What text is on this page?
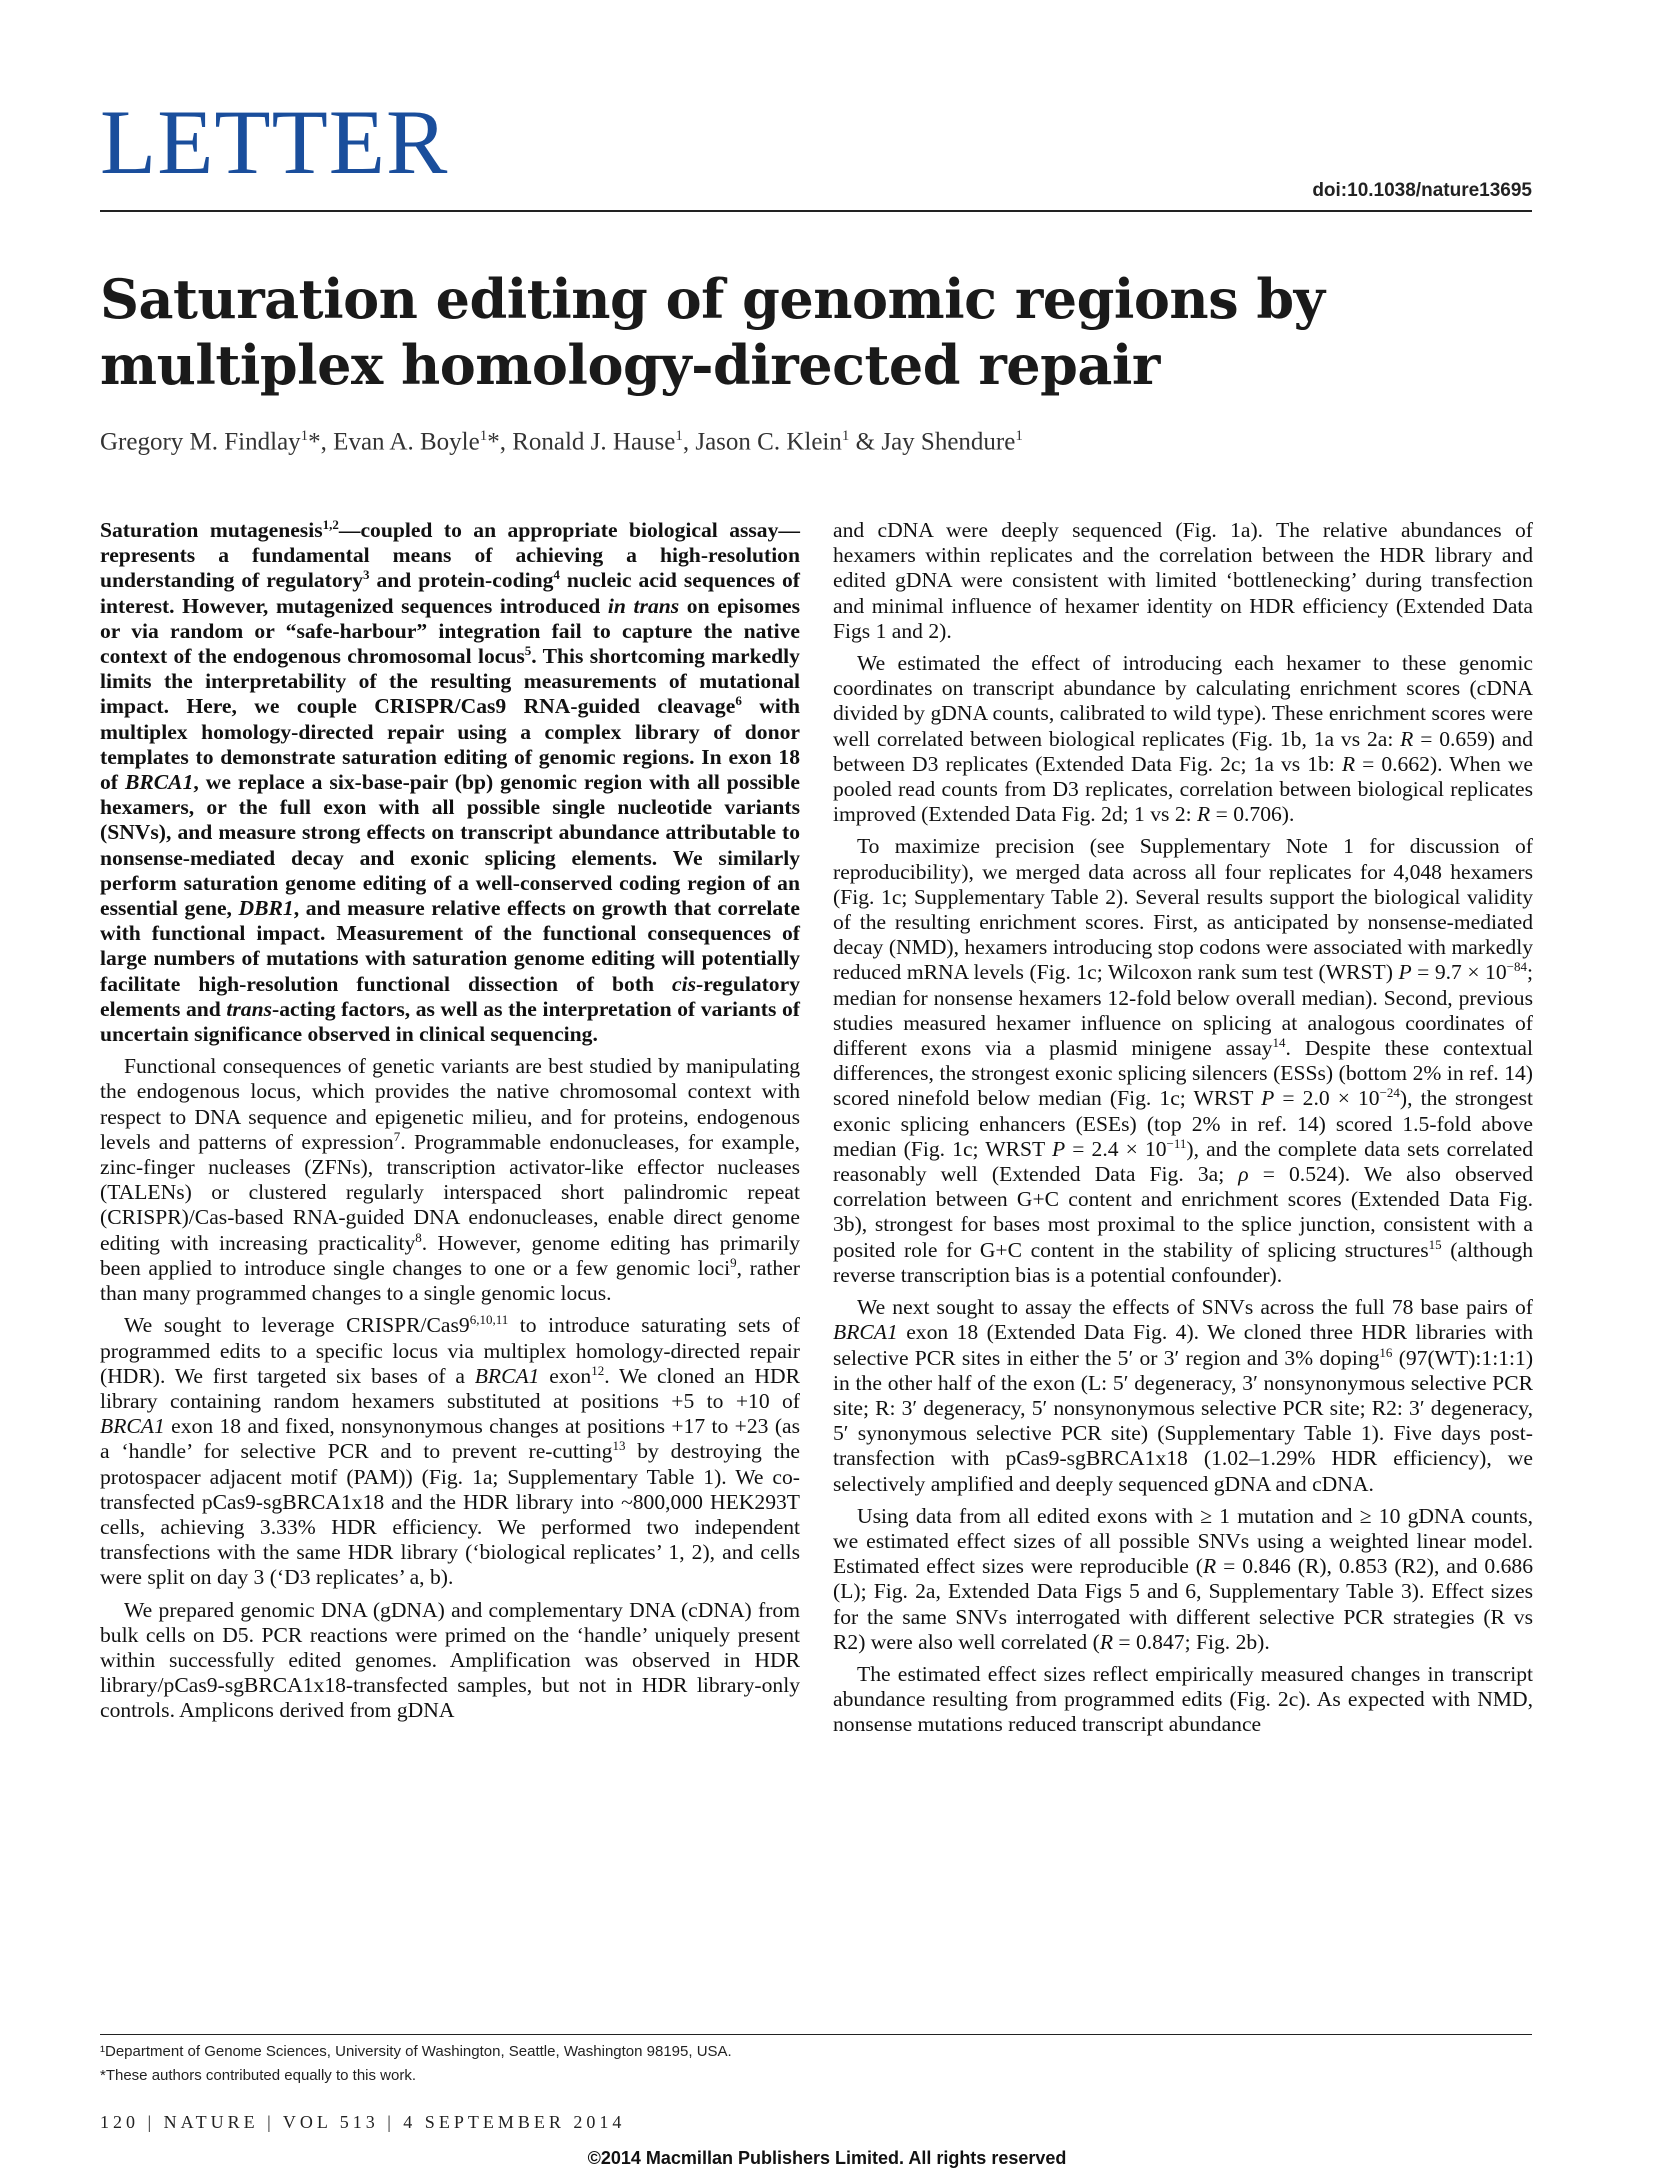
LETTER	doi:10.1038/nature13695
Saturation editing of genomic regions by multiplex homology-directed repair
Gregory M. Findlay$^1$*, Evan A. Boyle$^1$*, Ronald J. Hause$^1$, Jason C. Klein$^1$ & Jay Shendure$^1$

Saturation mutagenesis$^{1,2}$—coupled to an appropriate biological assay—represents a fundamental means of achieving a high-resolution understanding of regulatory$^3$ and protein-coding$^4$ nucleic acid sequences of interest. However, mutagenized sequences introduced in trans on episomes or via random or “safe-harbour” integration fail to capture the native context of the endogenous chromosomal locus$^5$. This shortcoming markedly limits the interpretability of the resulting measurements of mutational impact. Here, we couple CRISPR/Cas9 RNA-guided cleavage$^6$ with multiplex homology-directed repair using a complex library of donor templates to demonstrate saturation editing of genomic regions. In exon 18 of BRCA1, we replace a six-base-pair (bp) genomic region with all possible hexamers, or the full exon with all possible single nucleotide variants (SNVs), and measure strong effects on transcript abundance attributable to nonsense-mediated decay and exonic splicing elements. We similarly perform saturation genome editing of a well-conserved coding region of an essential gene, DBR1, and measure relative effects on growth that correlate with functional impact. Measurement of the functional consequences of large numbers of mutations with saturation genome editing will potentially facilitate high-resolution functional dissection of both cis-regulatory elements and trans-acting factors, as well as the interpretation of variants of uncertain significance observed in clinical sequencing.

Functional consequences of genetic variants are best studied by manipulating the endogenous locus, which provides the native chromosomal context with respect to DNA sequence and epigenetic milieu, and for proteins, endogenous levels and patterns of expression$^7$. Programmable endonucleases, for example, zinc-finger nucleases (ZFNs), transcription activator-like effector nucleases (TALENs) or clustered regularly interspaced short palindromic repeat (CRISPR)/Cas-based RNA-guided DNA endonucleases, enable direct genome editing with increasing practicality$^8$. However, genome editing has primarily been applied to introduce single changes to one or a few genomic loci$^9$, rather than many programmed changes to a single genomic locus.

We sought to leverage CRISPR/Cas9$^{6,10,11}$ to introduce saturating sets of programmed edits to a specific locus via multiplex homology-directed repair (HDR). We first targeted six bases of a BRCA1 exon$^{12}$. We cloned an HDR library containing random hexamers substituted at positions +5 to +10 of BRCA1 exon 18 and fixed, nonsynonymous changes at positions +17 to +23 (as a ‘handle’ for selective PCR and to prevent re-cutting$^{13}$ by destroying the protospacer adjacent motif (PAM)) (Fig. 1a; Supplementary Table 1). We co-transfected pCas9-sgBRCA1x18 and the HDR library into ~800,000 HEK293T cells, achieving 3.33% HDR efficiency. We performed two independent transfections with the same HDR library (‘biological replicates’ 1, 2), and cells were split on day 3 (‘D3 replicates’ a, b).

We prepared genomic DNA (gDNA) and complementary DNA (cDNA) from bulk cells on D5. PCR reactions were primed on the ‘handle’ uniquely present within successfully edited genomes. Amplification was observed in HDR library/pCas9-sgBRCA1x18-transfected samples, but not in HDR library-only controls. Amplicons derived from gDNA

and cDNA were deeply sequenced (Fig. 1a). The relative abundances of hexamers within replicates and the correlation between the HDR library and edited gDNA were consistent with limited ‘bottlenecking’ during transfection and minimal influence of hexamer identity on HDR efficiency (Extended Data Figs 1 and 2).

We estimated the effect of introducing each hexamer to these genomic coordinates on transcript abundance by calculating enrichment scores (cDNA divided by gDNA counts, calibrated to wild type). These enrichment scores were well correlated between biological replicates (Fig. 1b, 1a vs 2a: R = 0.659) and between D3 replicates (Extended Data Fig. 2c; 1a vs 1b: R = 0.662). When we pooled read counts from D3 replicates, correlation between biological replicates improved (Extended Data Fig. 2d; 1 vs 2: R = 0.706).

To maximize precision (see Supplementary Note 1 for discussion of reproducibility), we merged data across all four replicates for 4,048 hexamers (Fig. 1c; Supplementary Table 2). Several results support the biological validity of the resulting enrichment scores. First, as anticipated by nonsense-mediated decay (NMD), hexamers introducing stop codons were associated with markedly reduced mRNA levels (Fig. 1c; Wilcoxon rank sum test (WRST) $P = 9.7 \times 10^{-84}$; median for nonsense hexamers 12-fold below overall median). Second, previous studies measured hexamer influence on splicing at analogous coordinates of different exons via a plasmid minigene assay$^{14}$. Despite these contextual differences, the strongest exonic splicing silencers (ESSs) (bottom 2% in ref. 14) scored ninefold below median (Fig. 1c; WRST $P = 2.0 \times 10^{-24}$), the strongest exonic splicing enhancers (ESEs) (top 2% in ref. 14) scored 1.5-fold above median (Fig. 1c; WRST $P = 2.4 \times 10^{-11}$), and the complete data sets correlated reasonably well (Extended Data Fig. 3a; ρ = 0.524). We also observed correlation between G+C content and enrichment scores (Extended Data Fig. 3b), strongest for bases most proximal to the splice junction, consistent with a posited role for G+C content in the stability of splicing structures$^{15}$ (although reverse transcription bias is a potential confounder).

We next sought to assay the effects of SNVs across the full 78 base pairs of BRCA1 exon 18 (Extended Data Fig. 4). We cloned three HDR libraries with selective PCR sites in either the 5′ or 3′ region and 3% doping$^{16}$ (97(WT):1:1:1) in the other half of the exon (L: 5′ degeneracy, 3′ nonsynonymous selective PCR site; R: 3′ degeneracy, 5′ nonsynonymous selective PCR site; R2: 3′ degeneracy, 5′ synonymous selective PCR site) (Supplementary Table 1). Five days post-transfection with pCas9-sgBRCA1x18 (1.02–1.29% HDR efficiency), we selectively amplified and deeply sequenced gDNA and cDNA.

Using data from all edited exons with ≥ 1 mutation and ≥ 10 gDNA counts, we estimated effect sizes of all possible SNVs using a weighted linear model. Estimated effect sizes were reproducible (R = 0.846 (R), 0.853 (R2), and 0.686 (L); Fig. 2a, Extended Data Figs 5 and 6, Supplementary Table 3). Effect sizes for the same SNVs interrogated with different selective PCR strategies (R vs R2) were also well correlated (R = 0.847; Fig. 2b).

The estimated effect sizes reflect empirically measured changes in transcript abundance resulting from programmed edits (Fig. 2c). As expected with NMD, nonsense mutations reduced transcript abundance

¹Department of Genome Sciences, University of Washington, Seattle, Washington 98195, USA.
*These authors contributed equally to this work.
120 | NATURE | VOL 513 | 4 SEPTEMBER 2014
©2014 Macmillan Publishers Limited. All rights reserved
